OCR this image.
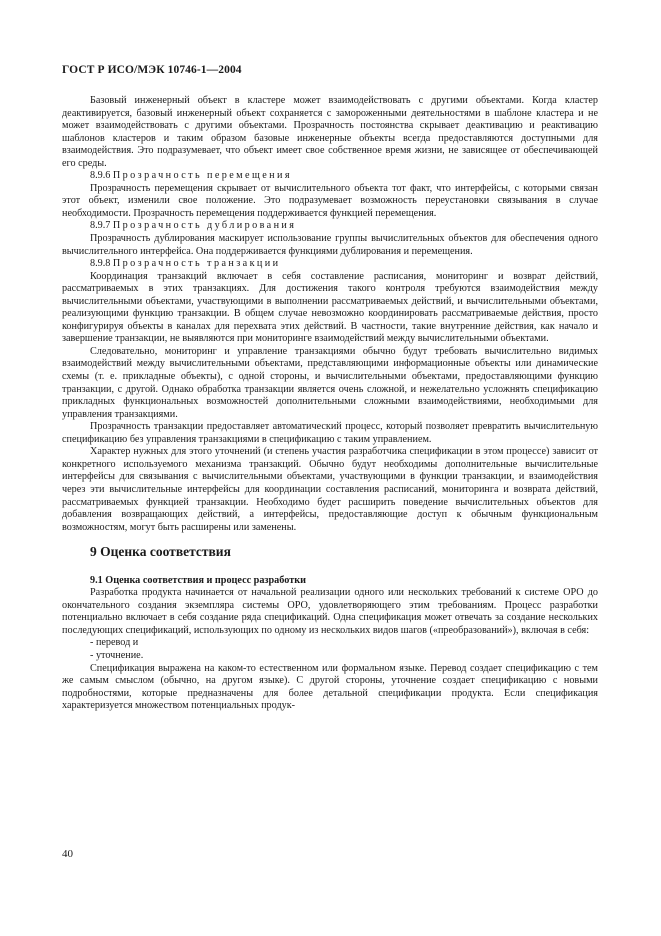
ГОСТ Р ИСО/МЭК 10746-1—2004

Базовый инженерный объект в кластере может взаимодействовать с другими объектами. Когда кластер деактивируется, базовый инженерный объект сохраняется с замороженными деятельностями в шаблоне кластера и не может взаимодействовать с другими объектами. Прозрачность постоянства скрывает деактивацию и реактивацию шаблонов кластеров и таким образом базовые инженерные объекты всегда предоставляются доступными для взаимодействия. Это подразумевает, что объект имеет свое собственное время жизни, не зависящее от обеспечивающей его среды.

8.9.6 Прозрачность перемещения

Прозрачность перемещения скрывает от вычислительного объекта тот факт, что интерфейсы, с которыми связан этот объект, изменили свое положение. Это подразумевает возможность переустановки связывания в случае необходимости. Прозрачность перемещения поддерживается функцией перемещения.

8.9.7 Прозрачность дублирования

Прозрачность дублирования маскирует использование группы вычислительных объектов для обеспечения одного вычислительного интерфейса. Она поддерживается функциями дублирования и перемещения.

8.9.8 Прозрачность транзакции

Координация транзакций включает в себя составление расписания, мониторинг и возврат действий, рассматриваемых в этих транзакциях. Для достижения такого контроля требуются взаимодействия между вычислительными объектами, участвующими в выполнении рассматриваемых действий, и вычислительными объектами, реализующими функцию транзакции. В общем случае невозможно координировать рассматриваемые действия, просто конфигурируя объекты в каналах для перехвата этих действий. В частности, такие внутренние действия, как начало и завершение транзакции, не выявляются при мониторинге взаимодействий между вычислительными объектами.

Следовательно, мониторинг и управление транзакциями обычно будут требовать вычислительно видимых взаимодействий между вычислительными объектами, представляющими информационные объекты или динамические схемы (т. е. прикладные объекты), с одной стороны, и вычислительными объектами, предоставляющими функцию транзакции, с другой. Однако обработка транзакции является очень сложной, и нежелательно усложнять спецификацию прикладных функциональных возможностей дополнительными сложными взаимодействиями, необходимыми для управления транзакциями.

Прозрачность транзакции предоставляет автоматический процесс, который позволяет превратить вычислительную спецификацию без управления транзакциями в спецификацию с таким управлением.

Характер нужных для этого уточнений (и степень участия разработчика спецификации в этом процессе) зависит от конкретного используемого механизма транзакций. Обычно будут необходимы дополнительные вычислительные интерфейсы для связывания с вычислительными объектами, участвующими в функции транзакции, и взаимодействия через эти вычислительные интерфейсы для координации составления расписаний, мониторинга и возврата действий, рассматриваемых функцией транзакции. Необходимо будет расширить поведение вычислительных объектов для добавления возвращающих действий, а интерфейсы, предоставляющие доступ к обычным функциональным возможностям, могут быть расширены или заменены.

9 Оценка соответствия

9.1 Оценка соответствия и процесс разработки

Разработка продукта начинается от начальной реализации одного или нескольких требований к системе ОРО до окончательного создания экземпляра системы ОРО, удовлетворяющего этим требованиям. Процесс разработки потенциально включает в себя создание ряда спецификаций. Одна спецификация может отвечать за создание нескольких последующих спецификаций, использующих по одному из нескольких видов шагов («преобразований»), включая в себя:

- перевод и

- уточнение.

Спецификация выражена на каком-то естественном или формальном языке. Перевод создает спецификацию с тем же самым смыслом (обычно, на другом языке). С другой стороны, уточнение создает спецификацию с новыми подробностями, которые предназначены для более детальной спецификации продукта. Если спецификация характеризуется множеством потенциальных продук-

40
